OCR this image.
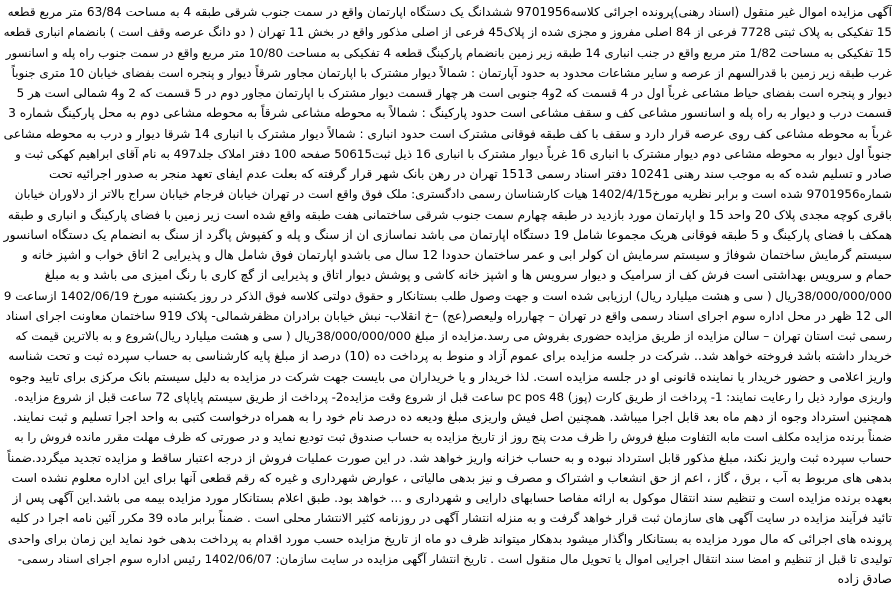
آگهی مزایده اموال غیر منقول (اسناد رهنی)پرونده اجرائی کلاسه9701956 ششدانگ یک دستگاه اپارتمان واقع در سمت جنوب شرقی طبقه 4 به مساحت 63/84 متر مربع قطعه
15 تفکیکی به پلاک ثبتی 7728 فرعی از 84 اصلی مفروز و مجزی شده از پلاک45 فرعی از اصلی مذکور واقع در بخش 11 تهران ( دو دانگ عرصه وقف است ) بانضمام انباری قطعه
15 تفکیکی به مساحت 1/82 متر مربع واقع در جنب انباری 14 طبقه زیر زمین بانضمام پارکینگ قطعه 4 تفکیکی به مساحت 10/80 متر مربع واقع در سمت جنوب راه پله و اسانسور
غرب طبقه زیر زمین با قدرالسهم از عرصه و سایر مشاعات محدود به حدود آپارتمان : شمالاً دیوار مشترک با اپارتمان مجاور شرقاً دیوار و پنجره است بفضای خیابان 10 متری جنوباً
دیوار و پنجره است بفضای حیاط مشاعی غرباً اول در 4 قسمت که 2و4 جنوبی است هر چهار قسمت دیوار مشترک با اپارتمان مجاور دوم در 5 قسمت که 2 و4 شمالی است هر 5
قسمت درب و دیوار به راه پله و اسانسور مشاعی کف و سقف مشاعی است حدود پارکینگ : شمالاً به محوطه مشاعی شرقاً به محوطه مشاعی دوم به محل پارکینگ شماره 3
غرباً به محوطه مشاعی کف روی عرصه قرار دارد و سقف با کف طبقه فوقانی مشترک است حدود انباری : شمالاً دیوار مشترک با انباری 14 شرقا دیوار و درب به محوطه مشاعی
جنوباً اول دیوار به محوطه مشاعی دوم دیوار مشترک با انباری 16 غرباً دیوار مشترک با انباری 16 ذیل ثبت50615 صفحه 100 دفتر املاک جلد497 به نام آقای ابراهیم کهکی ثبت و
صادر و تسلیم شده که به موجب سند رهنی 10241 دفتر اسناد رسمی 1513 تهران در رهن بانک شهر قرار گرفته که بعلت عدم ایفای تعهد منجر به صدور اجرائیه تحت
شماره9701956 شده است و برابر نظریه مورخ1402/4/15 هیات کارشناسان رسمی دادگستری: ملک فوق واقع است در تهران خیابان فرجام خیابان سراج بالاتر از دلاوران خیابان
باقری کوچه مجدی پلاک 20 واحد 15 و اپارتمان مورد بازدید در طبقه چهارم سمت جنوب شرقی ساختمانی هفت طبقه واقع شده است زیر زمین با فضای پارکینگ و انباری و طبقه
همکف با فضای پارکینگ و 5 طبقه فوقانی هریک مجموعا شامل 19 دستگاه اپارتمان می باشد نماسازی ان از سنگ و پله و کفپوش پاگرد از سنگ به انضمام یک دستگاه اسانسور
سیستم گرمایش ساختمان شوفاژ و سیستم سرمایش ان کولر ابی و عمر ساختمان حدودا 12 سال می باشدو اپارتمان فوق شامل هال و پذیرایی 2 اتاق خواب و اشپز خانه و
حمام و سرویس بهداشتی است فرش کف از سرامیک و دیوار سرویس ها و اشپز خانه کاشی و پوشش دیوار اتاق و پذیرایی از گچ کاری با رنگ امیزی می باشد و به مبلغ
38/000/000/000ریال ( سی و هشت میلیارد ریال) ارزیابی شده است و جهت وصول طلب بستانکار و حقوق دولتی کلاسه فوق الذکر در روز یکشنبه مورخ 1402/06/19 ازساعت 9
الی 12 ظهر در محل اداره سوم اجرای اسناد رسمی واقع در تهران – چهارراه ولیعصر(عج) –خ انقلاب- نبش خیابان برادران مظفرشمالی- پلاک 919 ساختمان معاونت اجرای اسناد
رسمی ثبت استان تهران – سالن مزایده از طریق مزایده حضوری بفروش می رسد.مزایده از مبلغ 38/000/000/000ریال ( سی و هشت میلیارد ریال)شروع و به بالاترین قیمت که
خریدار داشته باشد فروخته خواهد شد.. شرکت در جلسه مزایده برای عموم آزاد و منوط به پرداخت ده (10) درصد از مبلغ پایه کارشناسی به حساب سپرده ثبت و تحت شناسه
واریز اعلامی و حضور خریدار یا نماینده قانونی او در جلسه مزایده است. لذا خریدار و یا خریداران می بایست جهت شرکت در مزایده به دلیل سیستم بانک مرکزی برای تایید وجوه
واریزی موارد ذیل را رعایت نمایند: 1- پرداخت از طریق کارت (پوز) pc pos 48 ساعت قبل از شروع وقت مزایده2- پرداخت از طریق سیستم پایاپای 72 ساعت قبل از شروع مزایده.
همچنین استرداد وجوه از دهم ماه بعد قابل اجرا میباشد. همچنین اصل فیش واریزی مبلغ ودیعه ده درصد نام خود را به همراه درخواست کتبی به واحد اجرا تسلیم و ثبت نمایند.
ضمناً برنده مزایده مکلف است مابه التفاوت مبلغ فروش را ظرف مدت پنج روز از تاریخ مزایده به حساب صندوق ثبت تودیع نماید و در صورتی که ظرف مهلت مقرر مانده فروش را به
حساب سپرده ثبت واریز نکند، مبلغ مذکور قابل استرداد نبوده و به حساب خزانه واریز خواهد شد. در این صورت عملیات فروش از درجه اعتبار ساقط و مزایده تجدید میگردد.ضمناً
بدهی های مربوط به آب ، برق ، گاز ، اعم از حق انشعاب و اشتراک و مصرف و نیز بدهی مالیاتی ، عوارض شهرداری و غیره که رقم قطعی آنها برای این اداره معلوم نشده است
بعهده برنده مزایده است و تنظیم سند انتقال موکول به ارائه مفاصا حسابهای دارایی و شهرداری و ... خواهد بود. طبق اعلام بستانکار مورد مزایده بیمه می باشد.این آگهی پس از
تائید فرآیند مزایده در سایت آگهی های سازمان ثبت قرار خواهد گرفت و به منزله انتشار آگهی در روزنامه کثیر الانتشار محلی است . ضمناً برابر ماده 39 مکرر آئین نامه اجرا در کلیه
پرونده های اجرائی که مال مورد مزایده به بستانکار واگذار میشود بدهکار میتواند ظرف دو ماه از تاریخ مزایده حسب مورد اقدام به پرداخت بدهی خود نماید این زمان برای واحدی
تولیدی تا قبل از تنظیم و امضا سند انتقال اجرایی اموال یا تحویل مال منقول است . تاریخ انتشار آگهی مزایده در سایت سازمان: 1402/06/07 رئیس اداره سوم اجرای اسناد رسمی-
صادق زاده
